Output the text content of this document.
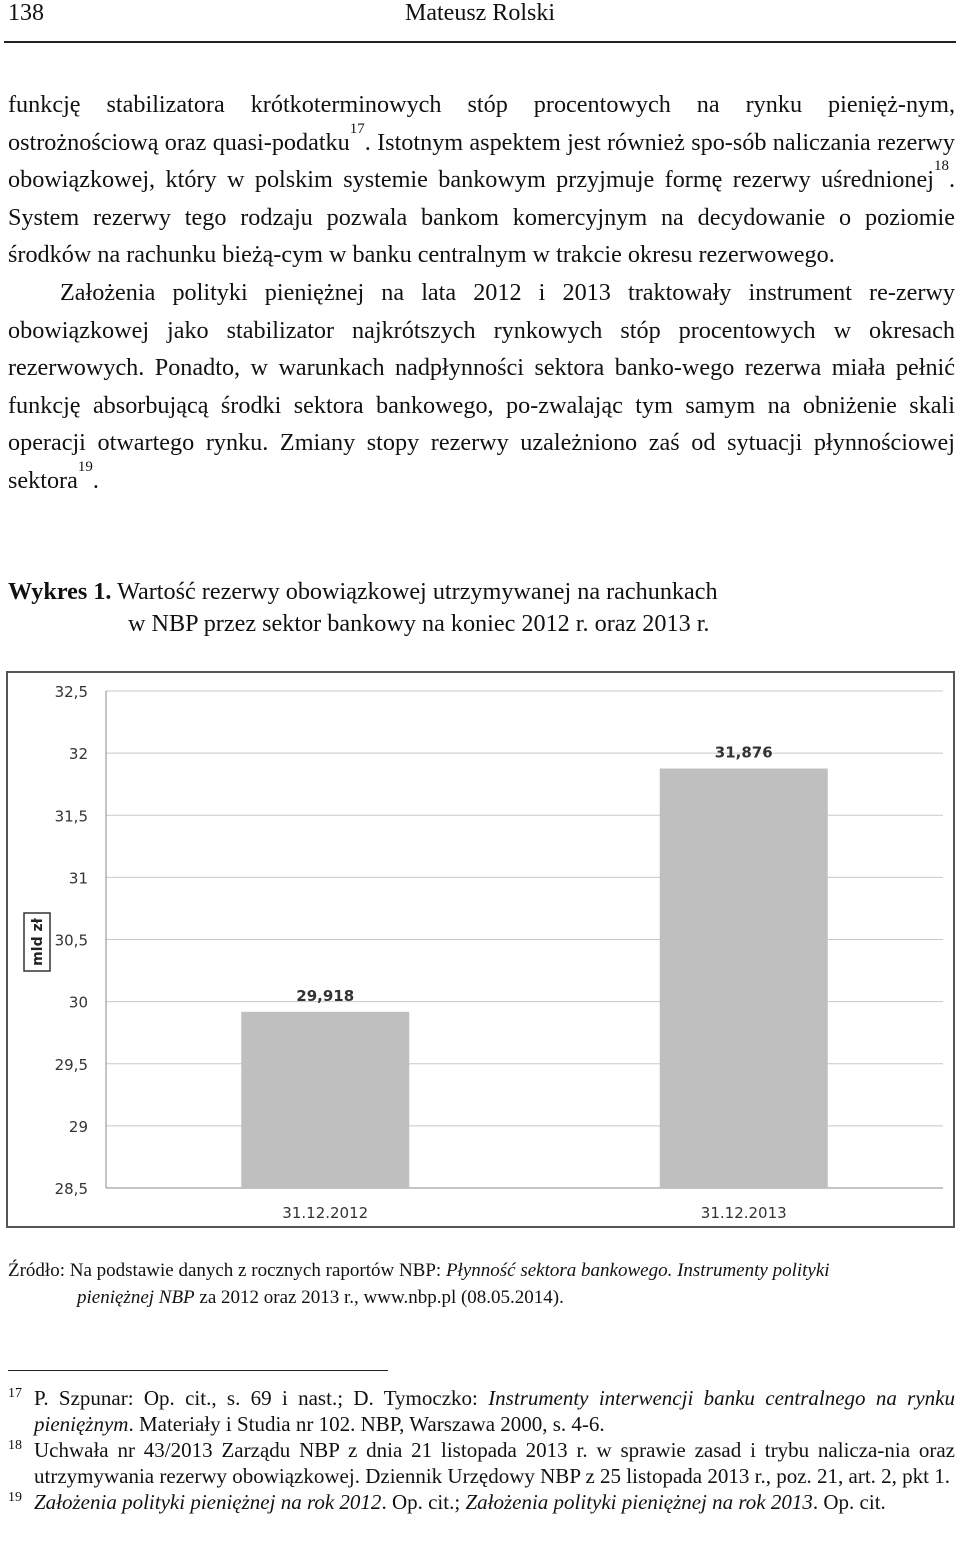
138	Mateusz Rolski

funkcję stabilizatora krótkoterminowych stóp procentowych na rynku pienięż-nym, ostrożnościową oraz quasi-podatku$^{17}$. Istotnym aspektem jest również spo-sób naliczania rezerwy obowiązkowej, który w polskim systemie bankowym przyjmuje formę rezerwy uśrednionej$^{18}$. System rezerwy tego rodzaju pozwala bankom komercyjnym na decydowanie o poziomie środków na rachunku bieżą-cym w banku centralnym w trakcie okresu rezerwowego.

Założenia polityki pieniężnej na lata 2012 i 2013 traktowały instrument re-zerwy obowiązkowej jako stabilizator najkrótszych rynkowych stóp procentowych w okresach rezerwowych. Ponadto, w warunkach nadpłynności sektora banko-wego rezerwa miała pełnić funkcję absorbującą środki sektora bankowego, po-zwalając tym samym na obniżenie skali operacji otwartego rynku. Zmiany stopy rezerwy uzależniono zaś od sytuacji płynnościowej sektora$^{19}$.

Wykres 1. Wartość rezerwy obowiązkowej utrzymywanej na rachunkach
w NBP przez sektor bankowy na koniec 2012 r. oraz 2013 r.
28,5
29
29,5
30
30,5
31
31,5
32
32,5
29,918
31.12.2012
31,876
31.12.2013
mld zł
Źródło: Na podstawie danych z rocznych raportów NBP: Płynność sektora bankowego. Instrumenty polityki
pieniężnej NBP za 2012 oraz 2013 r., www.nbp.pl (08.05.2014).

17 P. Szpunar: Op. cit., s. 69 i nast.; D. Tymoczko: Instrumenty interwencji banku centralnego na rynku pieniężnym. Materiały i Studia nr 102. NBP, Warszawa 2000, s. 4-6.

18 Uchwała nr 43/2013 Zarządu NBP z dnia 21 listopada 2013 r. w sprawie zasad i trybu nalicza-nia oraz utrzymywania rezerwy obowiązkowej. Dziennik Urzędowy NBP z 25 listopada 2013 r., poz. 21, art. 2, pkt 1.

19 Założenia polityki pieniężnej na rok 2012. Op. cit.; Założenia polityki pieniężnej na rok 2013. Op. cit.
